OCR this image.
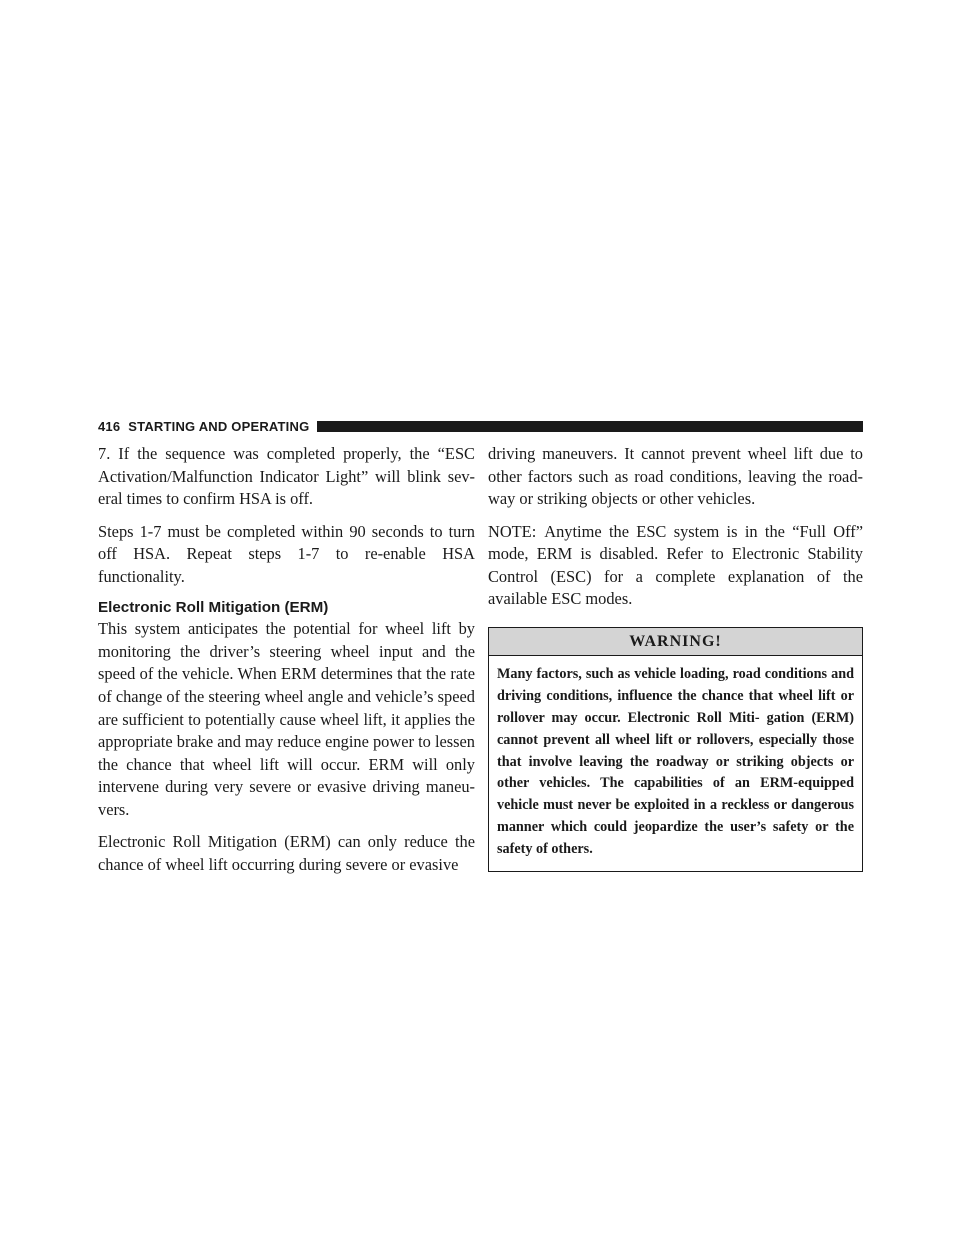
416 STARTING AND OPERATING

7. If the sequence was completed properly, the “ESC Activation/Malfunction Indicator Light” will blink sev- eral times to confirm HSA is off.

Steps 1-7 must be completed within 90 seconds to turn off HSA. Repeat steps 1-7 to re-enable HSA functionality.

Electronic Roll Mitigation (ERM)

This system anticipates the potential for wheel lift by monitoring the driver’s steering wheel input and the speed of the vehicle. When ERM determines that the rate of change of the steering wheel angle and vehicle’s speed are sufficient to potentially cause wheel lift, it applies the appropriate brake and may reduce engine power to lessen the chance that wheel lift will occur. ERM will only intervene during very severe or evasive driving maneu- vers.

Electronic Roll Mitigation (ERM) can only reduce the chance of wheel lift occurring during severe or evasive

driving maneuvers. It cannot prevent wheel lift due to other factors such as road conditions, leaving the road- way or striking objects or other vehicles.

NOTE: Anytime the ESC system is in the “Full Off” mode, ERM is disabled. Refer to Electronic Stability Control (ESC) for a complete explanation of the available ESC modes.

WARNING!
Many factors, such as vehicle loading, road conditions and driving conditions, influence the chance that wheel lift or rollover may occur. Electronic Roll Miti- gation (ERM) cannot prevent all wheel lift or rollovers, especially those that involve leaving the roadway or striking objects or other vehicles. The capabilities of an ERM-equipped vehicle must never be exploited in a reckless or dangerous manner which could jeopardize the user’s safety or the safety of others.
